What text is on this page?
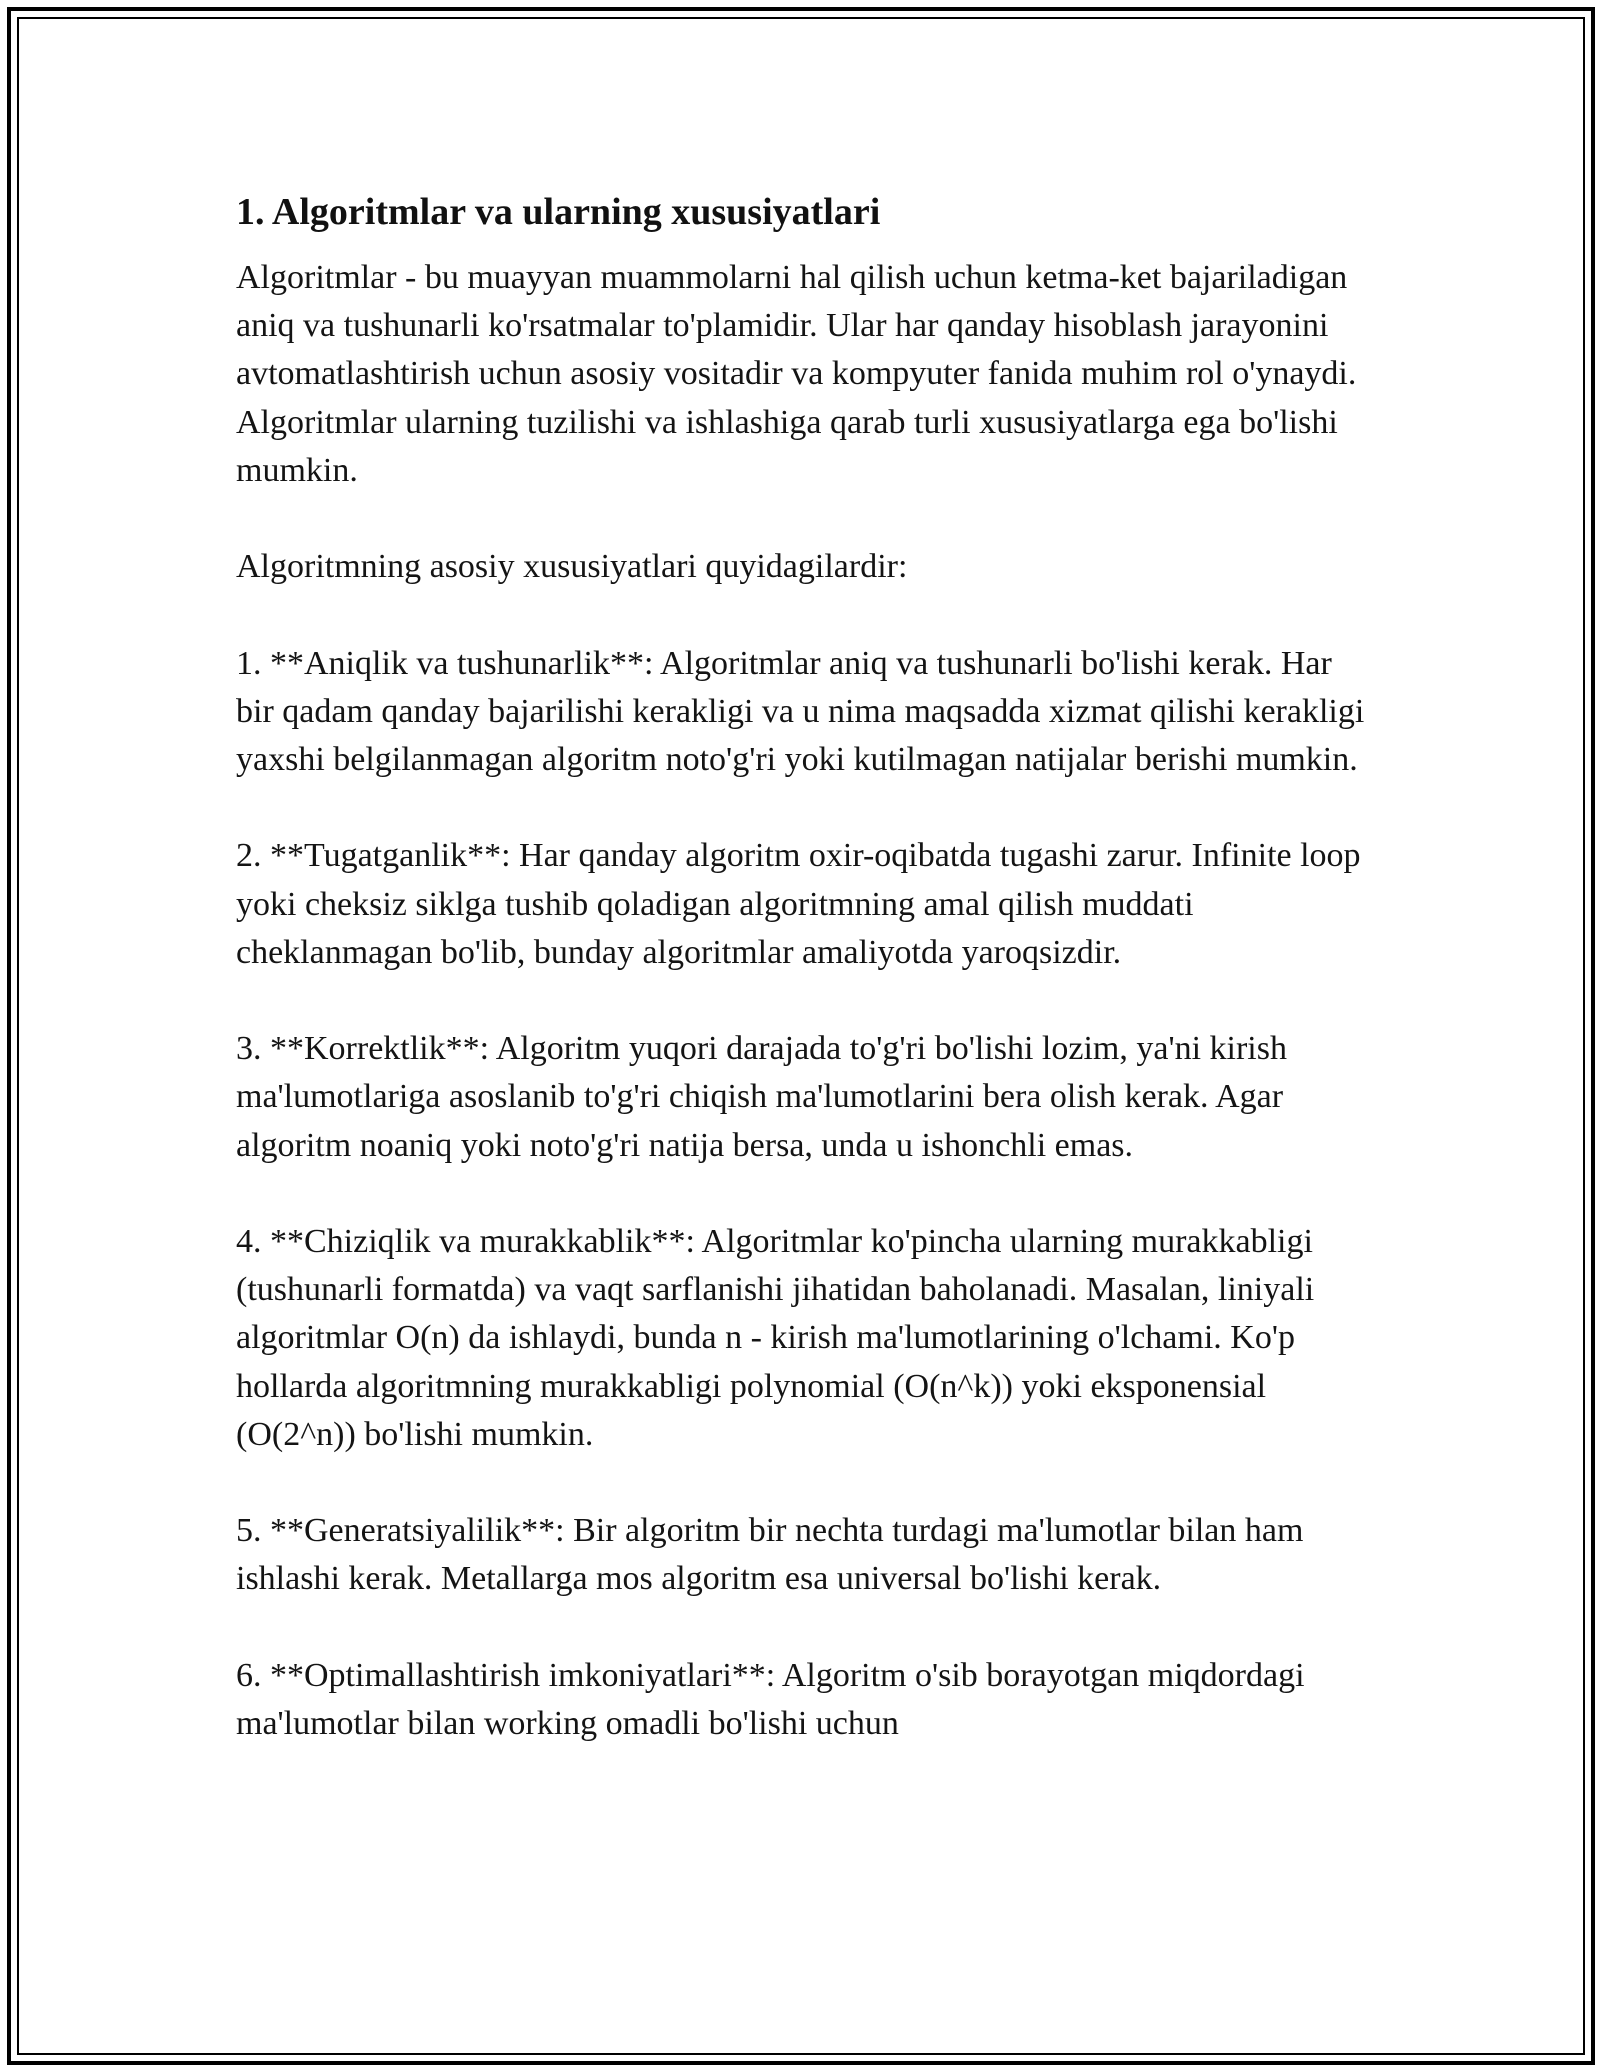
1. Algoritmlar va ularning xususiyatlari

Algoritmlar - bu muayyan muammolarni hal qilish uchun ketma-ket bajariladigan aniq va tushunarli ko'rsatmalar to'plamidir. Ular har qanday hisoblash jarayonini avtomatlashtirish uchun asosiy vositadir va kompyuter fanida muhim rol o'ynaydi. Algoritmlar ularning tuzilishi va ishlashiga qarab turli xususiyatlarga ega bo'lishi mumkin.

Algoritmning asosiy xususiyatlari quyidagilardir:

1. **Aniqlik va tushunarlik**: Algoritmlar aniq va tushunarli bo'lishi kerak. Har bir qadam qanday bajarilishi kerakligi va u nima maqsadda xizmat qilishi kerakligi yaxshi belgilanmagan algoritm noto'g'ri yoki kutilmagan natijalar berishi mumkin.

2. **Tugatganlik**: Har qanday algoritm oxir-oqibatda tugashi zarur. Infinite loop yoki cheksiz siklga tushib qoladigan algoritmning amal qilish muddati cheklanmagan bo'lib, bunday algoritmlar amaliyotda yaroqsizdir.

3. **Korrektlik**: Algoritm yuqori darajada to'g'ri bo'lishi lozim, ya'ni kirish ma'lumotlariga asoslanib to'g'ri chiqish ma'lumotlarini bera olish kerak. Agar algoritm noaniq yoki noto'g'ri natija bersa, unda u ishonchli emas.

4. **Chiziqlik va murakkablik**: Algoritmlar ko'pincha ularning murakkabligi (tushunarli formatda) va vaqt sarflanishi jihatidan baholanadi. Masalan, liniyali algoritmlar O(n) da ishlaydi, bunda n - kirish ma'lumotlarining o'lchami. Ko'p hollarda algoritmning murakkabligi polynomial (O(n^k)) yoki eksponensial (O(2^n)) bo'lishi mumkin.

5. **Generatsiyalilik**: Bir algoritm bir nechta turdagi ma'lumotlar bilan ham ishlashi kerak. Metallarga mos algoritm esa universal bo'lishi kerak.

6. **Optimallashtirish imkoniyatlari**: Algoritm o'sib borayotgan miqdordagi ma'lumotlar bilan working omadli bo'lishi uchun
